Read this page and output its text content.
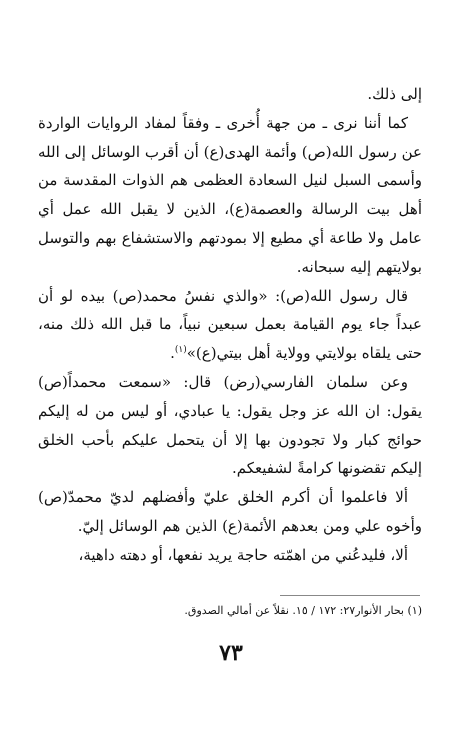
إلى ذلك.

كما أننا نرى ـ من جهة أُخرى ـ وفقاً لمفاد الروايات الواردة عن رسول الله(ص) وأئمة الهدى(ع) أن أقرب الوسائل إلى الله وأسمى السبل لنيل السعادة العظمى هم الذوات المقدسة من أهل بيت الرسالة والعصمة(ع)، الذين لا يقبل الله عمل أي عامل ولا طاعة أي مطيع إلا بمودتهم والاستشفاع بهم والتوسل بولايتهم إليه سبحانه.

قال رسول الله(ص): «والذي نفسُ محمد(ص) بيده لو أن عبداً جاء يوم القيامة بعمل سبعين نبياً، ما قبل الله ذلك منه، حتى يلقاه بولايتي وولاية أهل بيتي(ع)»$^{(١)}$.

وعن سلمان الفارسي(رض) قال: «سمعت محمداً(ص) يقول: ان الله عز وجل يقول: يا عبادي، أو ليس من له إليكم حوائج كبار ولا تجودون بها إلا أن يتحمل عليكم بأحب الخلق إليكم تقضونها كرامةً لشفيعكم.

ألا فاعلموا أن أكرم الخلق عليّ وأفضلهم لديّ محمدّ(ص) وأخوه علي ومن بعدهم الأئمة(ع) الذين هم الوسائل إليّ.

ألا، فليدعُني من اهمّته حاجة يريد نفعها، أو دهته داهية،

(١) بحار الأنوار٢٧: ١٧٢ / ١٥. نقلاً عن أمالي الصدوق.
٧٣
